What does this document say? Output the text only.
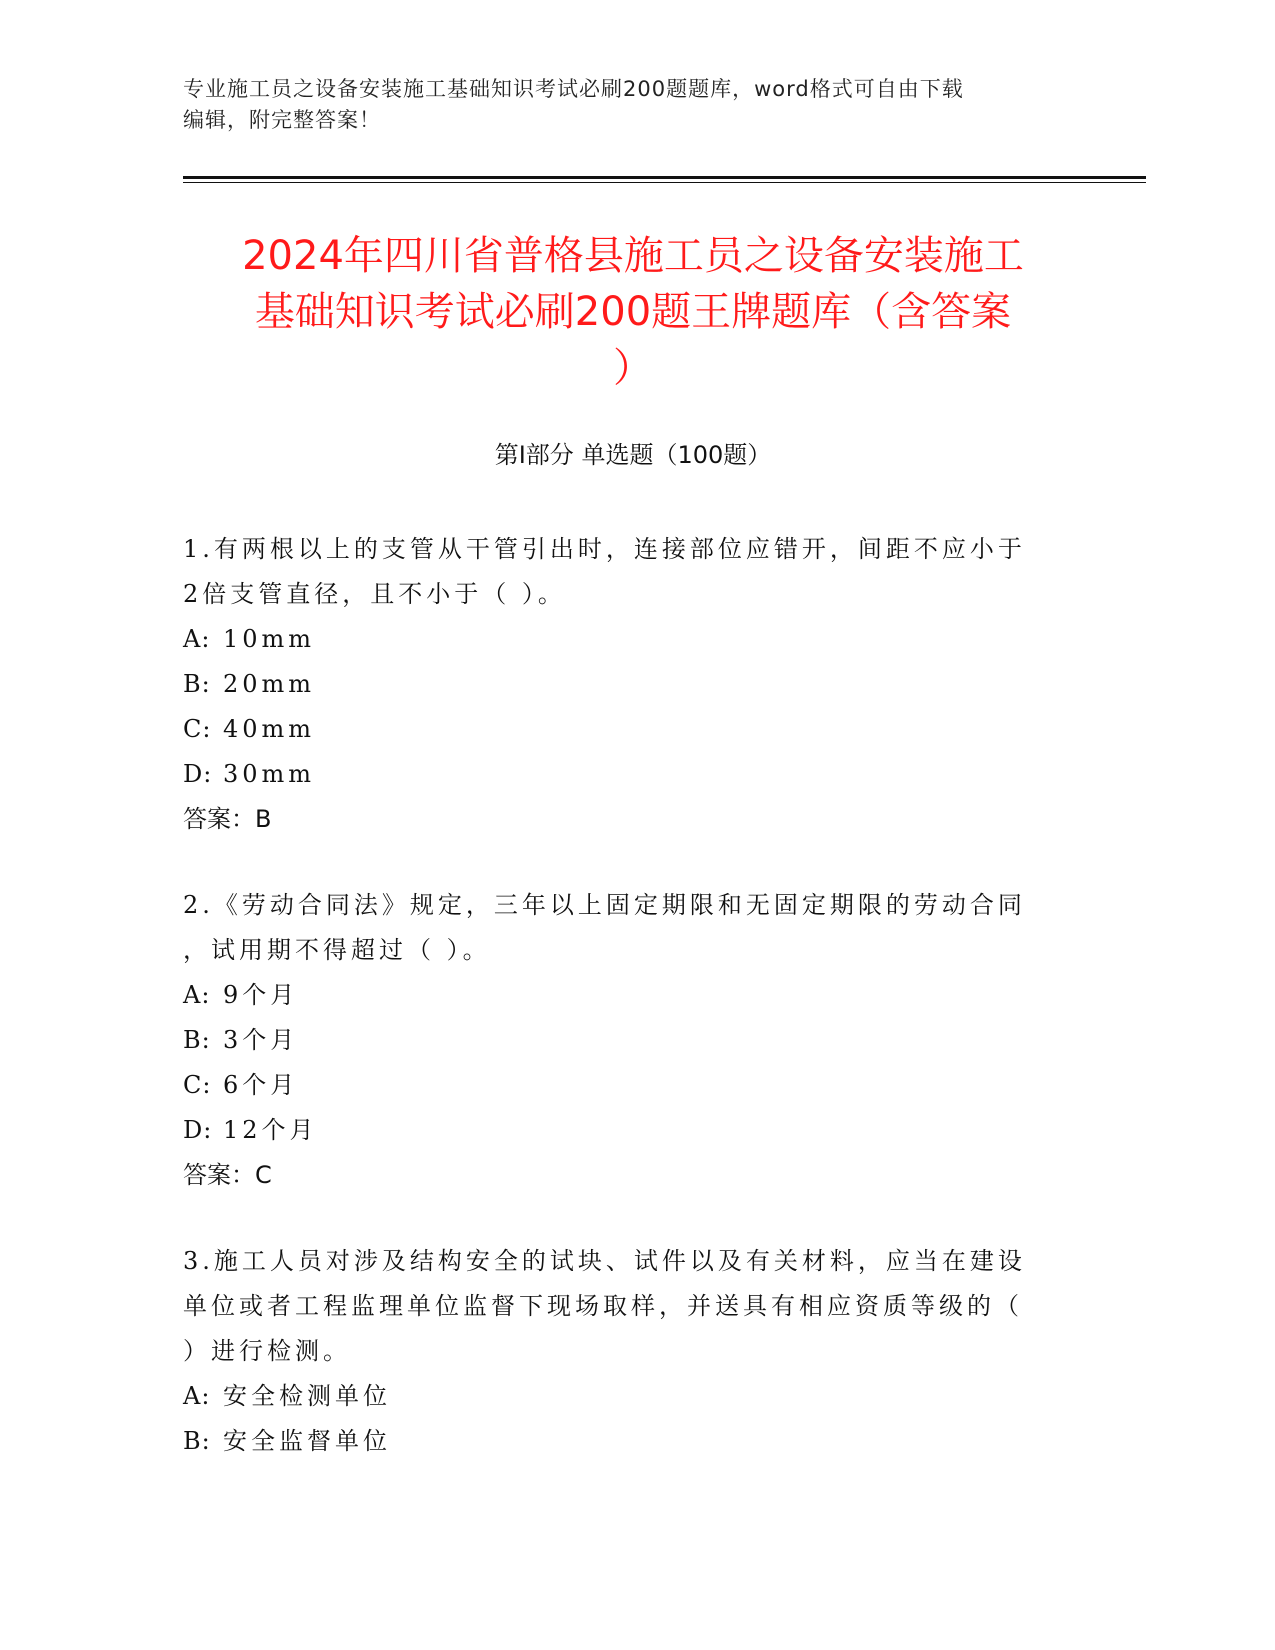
专业施工员之设备安装施工基础知识考试必刷200题题库，word格式可自由下载
编辑，附完整答案！
2024年四川省普格县施工员之设备安装施工
基础知识考试必刷200题王牌题库（含答案
）
第Ⅰ部分 单选题（100题）

1.有两根以上的支管从干管引出时，连接部位应错开，间距不应小于

2倍支管直径，且不小于（ ）。

A: 10mm

B: 20mm

C: 40mm

D: 30mm

答案：B

2.《劳动合同法》规定，三年以上固定期限和无固定期限的劳动合同

，试用期不得超过（ ）。

A: 9个月

B: 3个月

C: 6个月

D: 12个月

答案：C

3.施工人员对涉及结构安全的试块、试件以及有关材料，应当在建设

单位或者工程监理单位监督下现场取样，并送具有相应资质等级的（

）进行检测。

A: 安全检测单位

B: 安全监督单位
